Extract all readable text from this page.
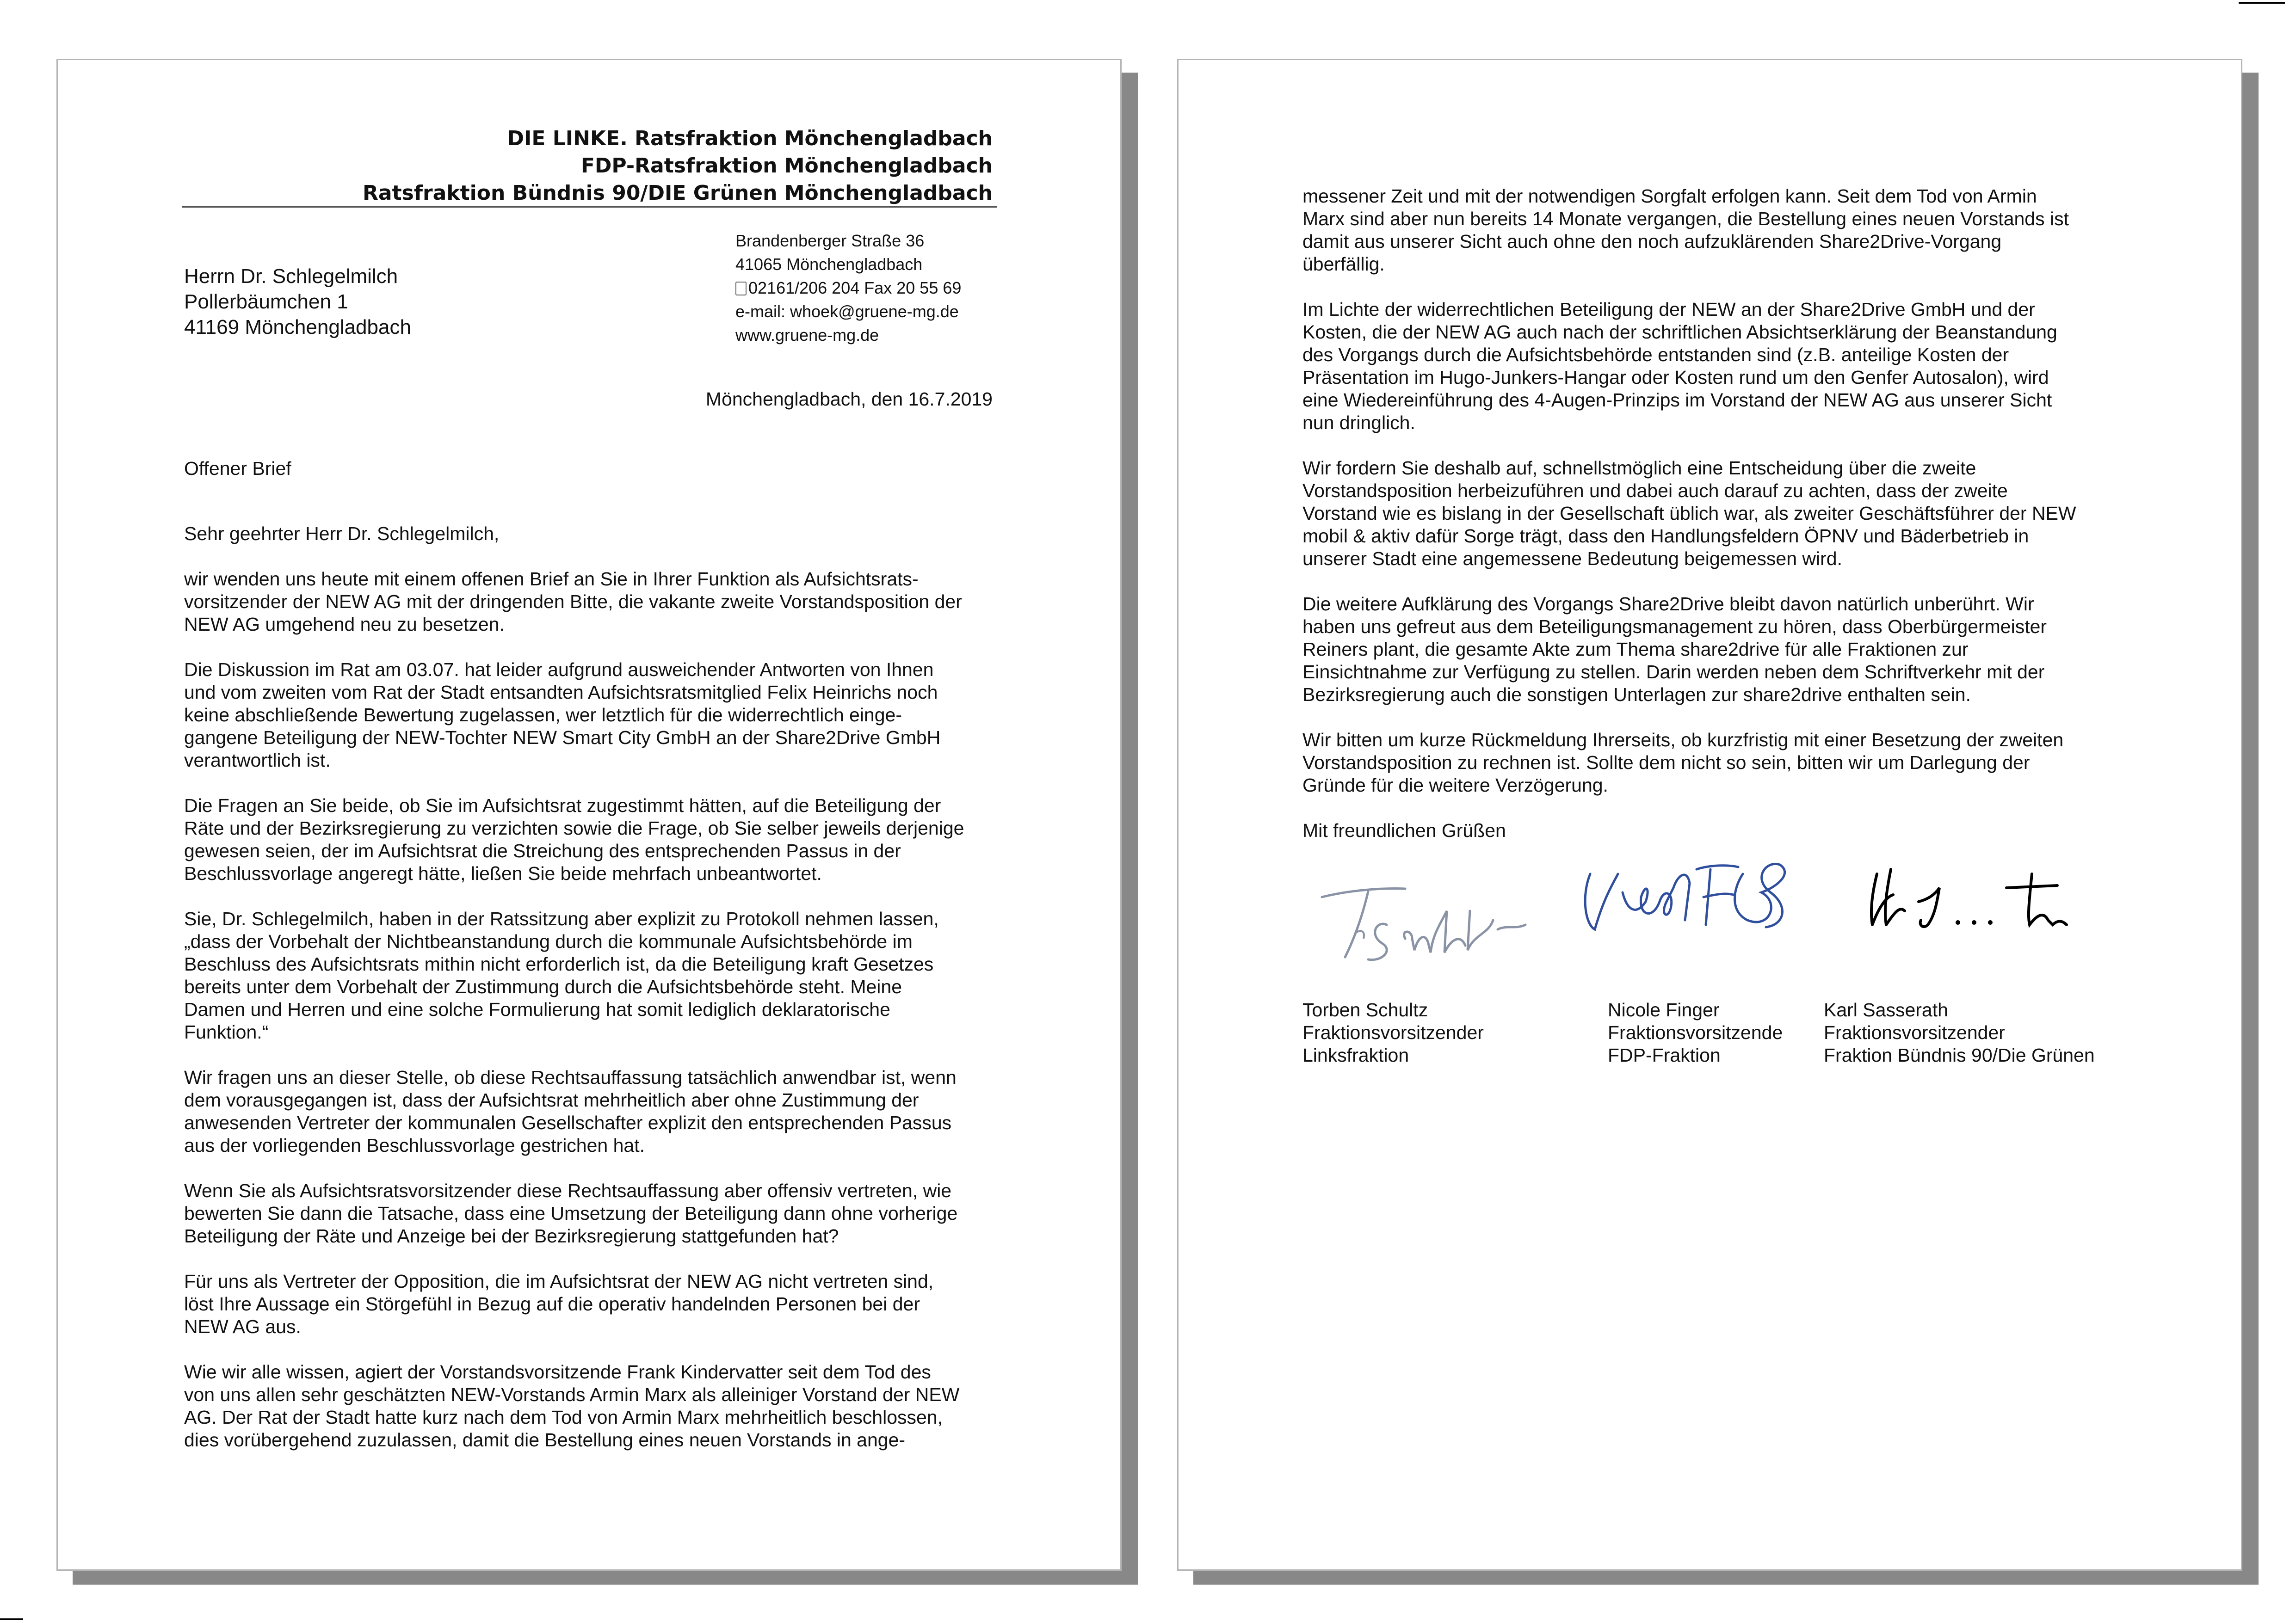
DIE LINKE. Ratsfraktion Mönchengladbach
FDP-Ratsfraktion Mönchengladbach
Ratsfraktion Bündnis 90/DIE Grünen Mönchengladbach
Brandenberger Straße 36
41065 Mönchengladbach
02161/206 204 Fax 20 55 69
e-mail: whoek@gruene-mg.de
www.gruene-mg.de
Herrn Dr. Schlegelmilch
Pollerbäumchen 1
41169 Mönchengladbach
Mönchengladbach, den 16.7.2019
Offener Brief

Sehr geehrter Herr Dr. Schlegelmilch,

wir wenden uns heute mit einem offenen Brief an Sie in Ihrer Funktion als Aufsichtsrats-
vorsitzender der NEW AG mit der dringenden Bitte, die vakante zweite Vorstandsposition der
NEW AG umgehend neu zu besetzen.

Die Diskussion im Rat am 03.07. hat leider aufgrund ausweichender Antworten von Ihnen
und vom zweiten vom Rat der Stadt entsandten Aufsichtsratsmitglied Felix Heinrichs noch
keine abschließende Bewertung zugelassen, wer letztlich für die widerrechtlich einge-
gangene Beteiligung der NEW-Tochter NEW Smart City GmbH an der Share2Drive GmbH
verantwortlich ist.

Die Fragen an Sie beide, ob Sie im Aufsichtsrat zugestimmt hätten, auf die Beteiligung der
Räte und der Bezirksregierung zu verzichten sowie die Frage, ob Sie selber jeweils derjenige
gewesen seien, der im Aufsichtsrat die Streichung des entsprechenden Passus in der
Beschlussvorlage angeregt hätte, ließen Sie beide mehrfach unbeantwortet.

Sie, Dr. Schlegelmilch, haben in der Ratssitzung aber explizit zu Protokoll nehmen lassen,
„dass der Vorbehalt der Nichtbeanstandung durch die kommunale Aufsichtsbehörde im
Beschluss des Aufsichtsrats mithin nicht erforderlich ist, da die Beteiligung kraft Gesetzes
bereits unter dem Vorbehalt der Zustimmung durch die Aufsichtsbehörde steht. Meine
Damen und Herren und eine solche Formulierung hat somit lediglich deklaratorische
Funktion.“

Wir fragen uns an dieser Stelle, ob diese Rechtsauffassung tatsächlich anwendbar ist, wenn
dem vorausgegangen ist, dass der Aufsichtsrat mehrheitlich aber ohne Zustimmung der
anwesenden Vertreter der kommunalen Gesellschafter explizit den entsprechenden Passus
aus der vorliegenden Beschlussvorlage gestrichen hat.

Wenn Sie als Aufsichtsratsvorsitzender diese Rechtsauffassung aber offensiv vertreten, wie
bewerten Sie dann die Tatsache, dass eine Umsetzung der Beteiligung dann ohne vorherige
Beteiligung der Räte und Anzeige bei der Bezirksregierung stattgefunden hat?

Für uns als Vertreter der Opposition, die im Aufsichtsrat der NEW AG nicht vertreten sind,
löst Ihre Aussage ein Störgefühl in Bezug auf die operativ handelnden Personen bei der
NEW AG aus.

Wie wir alle wissen, agiert der Vorstandsvorsitzende Frank Kindervatter seit dem Tod des
von uns allen sehr geschätzten NEW-Vorstands Armin Marx als alleiniger Vorstand der NEW
AG. Der Rat der Stadt hatte kurz nach dem Tod von Armin Marx mehrheitlich beschlossen,
dies vorübergehend zuzulassen, damit die Bestellung eines neuen Vorstands in ange-

messener Zeit und mit der notwendigen Sorgfalt erfolgen kann. Seit dem Tod von Armin
Marx sind aber nun bereits 14 Monate vergangen, die Bestellung eines neuen Vorstands ist
damit aus unserer Sicht auch ohne den noch aufzuklärenden Share2Drive-Vorgang
überfällig.

Im Lichte der widerrechtlichen Beteiligung der NEW an der Share2Drive GmbH und der
Kosten, die der NEW AG auch nach der schriftlichen Absichtserklärung der Beanstandung
des Vorgangs durch die Aufsichtsbehörde entstanden sind (z.B. anteilige Kosten der
Präsentation im Hugo-Junkers-Hangar oder Kosten rund um den Genfer Autosalon), wird
eine Wiedereinführung des 4-Augen-Prinzips im Vorstand der NEW AG aus unserer Sicht
nun dringlich.

Wir fordern Sie deshalb auf, schnellstmöglich eine Entscheidung über die zweite
Vorstandsposition herbeizuführen und dabei auch darauf zu achten, dass der zweite
Vorstand wie es bislang in der Gesellschaft üblich war, als zweiter Geschäftsführer der NEW
mobil & aktiv dafür Sorge trägt, dass den Handlungsfeldern ÖPNV und Bäderbetrieb in
unserer Stadt eine angemessene Bedeutung beigemessen wird.

Die weitere Aufklärung des Vorgangs Share2Drive bleibt davon natürlich unberührt. Wir
haben uns gefreut aus dem Beteiligungsmanagement zu hören, dass Oberbürgermeister
Reiners plant, die gesamte Akte zum Thema share2drive für alle Fraktionen zur
Einsichtnahme zur Verfügung zu stellen. Darin werden neben dem Schriftverkehr mit der
Bezirksregierung auch die sonstigen Unterlagen zur share2drive enthalten sein.

Wir bitten um kurze Rückmeldung Ihrerseits, ob kurzfristig mit einer Besetzung der zweiten
Vorstandsposition zu rechnen ist. Sollte dem nicht so sein, bitten wir um Darlegung der
Gründe für die weitere Verzögerung.

Mit freundlichen Grüßen

Torben Schultz
Fraktionsvorsitzender
Linksfraktion
Nicole Finger
Fraktionsvorsitzende
FDP-Fraktion
Karl Sasserath
Fraktionsvorsitzender
Fraktion Bündnis 90/Die Grünen
